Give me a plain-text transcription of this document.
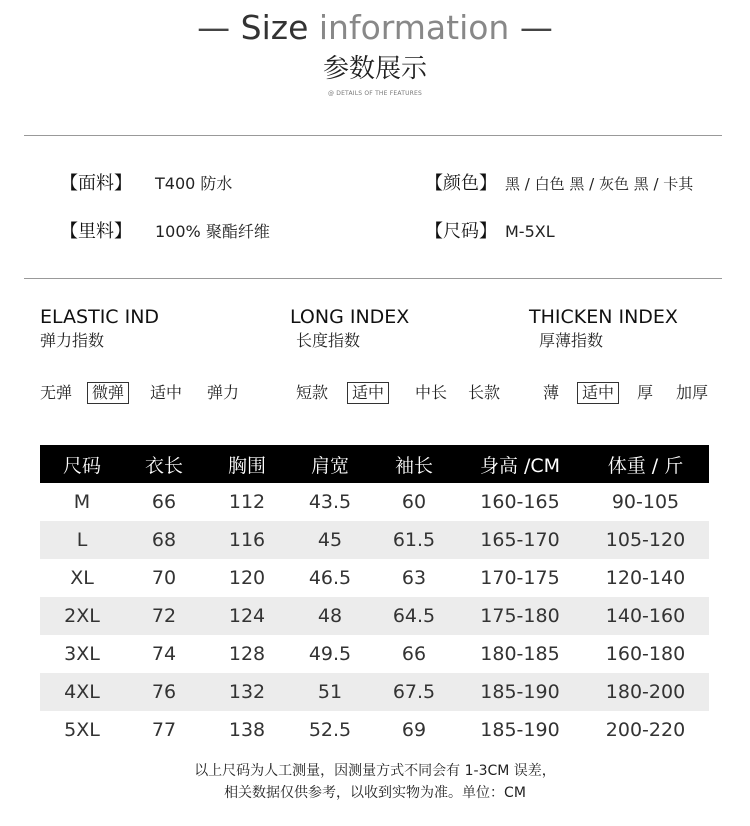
— Size information —
参数展示
@ DETAILS OF THE FEATURES
【面料】 T400 防水
【里料】 100% 聚酯纤维
【颜色】 黑 / 白色 黑 / 灰色 黑 / 卡其
【尺码】 M-5XL
ELASTIC IND
弹力指数
无弹	微弹	适中 弹力
LONG INDEX
长度指数
短款	适中	中长 长款
THICKEN INDEX
厚薄指数
薄	适中	厚 加厚
尺码	衣长	胸围	肩宽	袖长	身高 /CM	体重 / 斤
M	66	112	43.5	60	160-165	90-105
L	68	116	45	61.5	165-170	105-120
XL	70	120	46.5	63	170-175	120-140
2XL	72	124	48	64.5	175-180	140-160
3XL	74	128	49.5	66	180-185	160-180
4XL	76	132	51	67.5	185-190	180-200
5XL	77	138	52.5	69	185-190	200-220
以上尺码为人工测量，因测量方式不同会有 1-3CM 误差，
相关数据仅供参考，以收到实物为准。单位：CM
